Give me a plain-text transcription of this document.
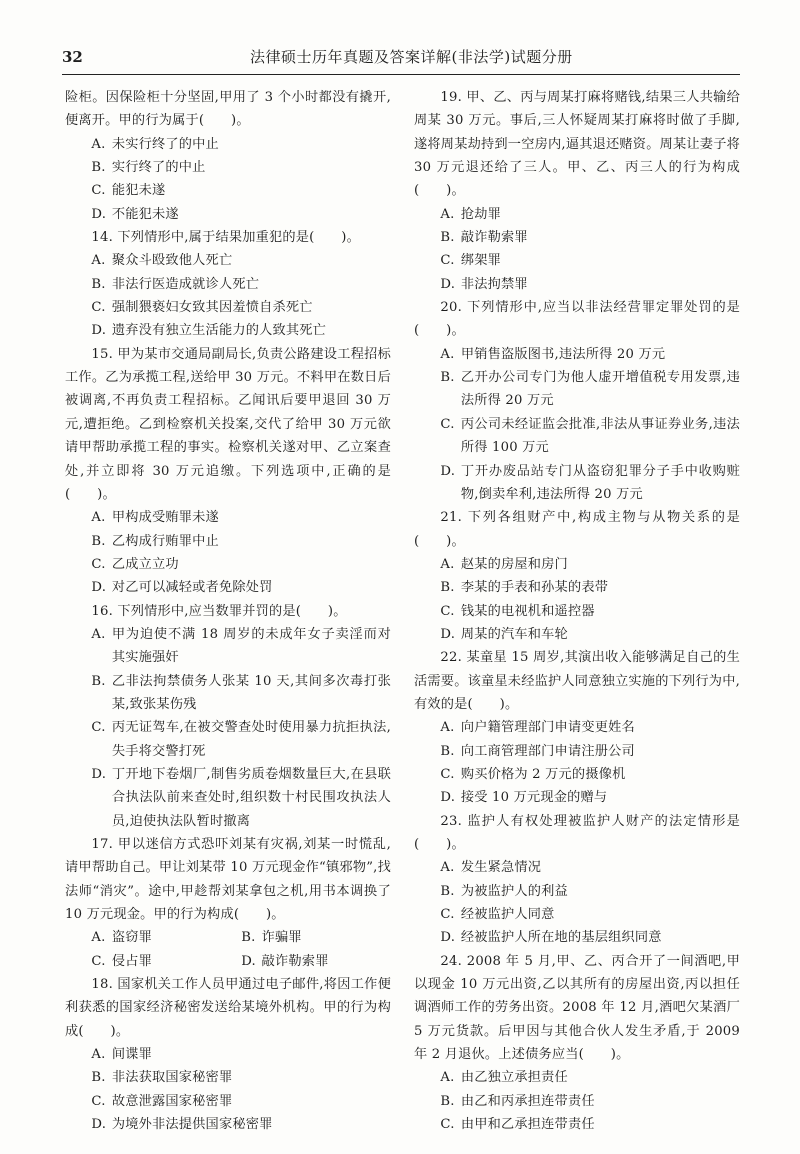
32	法律硕士历年真题及答案详解(非法学)试题分册

险柜。因保险柜十分坚固,甲用了 3 个小时都没有撬开,便离开。甲的行为属于(　　)。

A. 未实行终了的中止
B. 实行终了的中止
C. 能犯未遂
D. 不能犯未遂

14. 下列情形中,属于结果加重犯的是(　　)。

A. 聚众斗殴致他人死亡
B. 非法行医造成就诊人死亡
C. 强制猥亵妇女致其因羞愤自杀死亡
D. 遗弃没有独立生活能力的人致其死亡

15. 甲为某市交通局副局长,负责公路建设工程招标工作。乙为承揽工程,送给甲 30 万元。不料甲在数日后被调离,不再负责工程招标。乙闻讯后要甲退回 30 万元,遭拒绝。乙到检察机关投案,交代了给甲 30 万元欲请甲帮助承揽工程的事实。检察机关遂对甲、乙立案查处,并立即将 30 万元追缴。下列选项中,正确的是(　　)。

A. 甲构成受贿罪未遂
B. 乙构成行贿罪中止
C. 乙成立立功
D. 对乙可以减轻或者免除处罚

16. 下列情形中,应当数罪并罚的是(　　)。

A. 甲为迫使不满 18 周岁的未成年女子卖淫而对其实施强奸
B. 乙非法拘禁债务人张某 10 天,其间多次毒打张某,致张某伤残
C. 丙无证驾车,在被交警查处时使用暴力抗拒执法,失手将交警打死
D. 丁开地下卷烟厂,制售劣质卷烟数量巨大,在县联合执法队前来查处时,组织数十村民围攻执法人员,迫使执法队暂时撤离

17. 甲以迷信方式恐吓刘某有灾祸,刘某一时慌乱,请甲帮助自己。甲让刘某带 10 万元现金作“镇邪物”,找法师“消灾”。途中,甲趁帮刘某拿包之机,用书本调换了 10 万元现金。甲的行为构成(　　)。

A. 盗窃罪	B. 诈骗罪
C. 侵占罪	D. 敲诈勒索罪

18. 国家机关工作人员甲通过电子邮件,将因工作便利获悉的国家经济秘密发送给某境外机构。甲的行为构成(　　)。

A. 间谍罪
B. 非法获取国家秘密罪
C. 故意泄露国家秘密罪
D. 为境外非法提供国家秘密罪

19. 甲、乙、丙与周某打麻将赌钱,结果三人共输给周某 30 万元。事后,三人怀疑周某打麻将时做了手脚,遂将周某劫持到一空房内,逼其退还赌资。周某让妻子将 30 万元退还给了三人。甲、乙、丙三人的行为构成(　　)。

A. 抢劫罪
B. 敲诈勒索罪
C. 绑架罪
D. 非法拘禁罪

20. 下列情形中,应当以非法经营罪定罪处罚的是(　　)。

A. 甲销售盗版图书,违法所得 20 万元
B. 乙开办公司专门为他人虚开增值税专用发票,违法所得 20 万元
C. 丙公司未经证监会批准,非法从事证券业务,违法所得 100 万元
D. 丁开办废品站专门从盗窃犯罪分子手中收购赃物,倒卖牟利,违法所得 20 万元

21. 下列各组财产中,构成主物与从物关系的是(　　)。

A. 赵某的房屋和房门
B. 李某的手表和孙某的表带
C. 钱某的电视机和遥控器
D. 周某的汽车和车轮

22. 某童星 15 周岁,其演出收入能够满足自己的生活需要。该童星未经监护人同意独立实施的下列行为中,有效的是(　　)。

A. 向户籍管理部门申请变更姓名
B. 向工商管理部门申请注册公司
C. 购买价格为 2 万元的摄像机
D. 接受 10 万元现金的赠与

23. 监护人有权处理被监护人财产的法定情形是(　　)。

A. 发生紧急情况
B. 为被监护人的利益
C. 经被监护人同意
D. 经被监护人所在地的基层组织同意

24. 2008 年 5 月,甲、乙、丙合开了一间酒吧,甲以现金 10 万元出资,乙以其所有的房屋出资,丙以担任调酒师工作的劳务出资。2008 年 12 月,酒吧欠某酒厂 5 万元货款。后甲因与其他合伙人发生矛盾,于 2009 年 2 月退伙。上述债务应当(　　)。

A. 由乙独立承担责任
B. 由乙和丙承担连带责任
C. 由甲和乙承担连带责任
